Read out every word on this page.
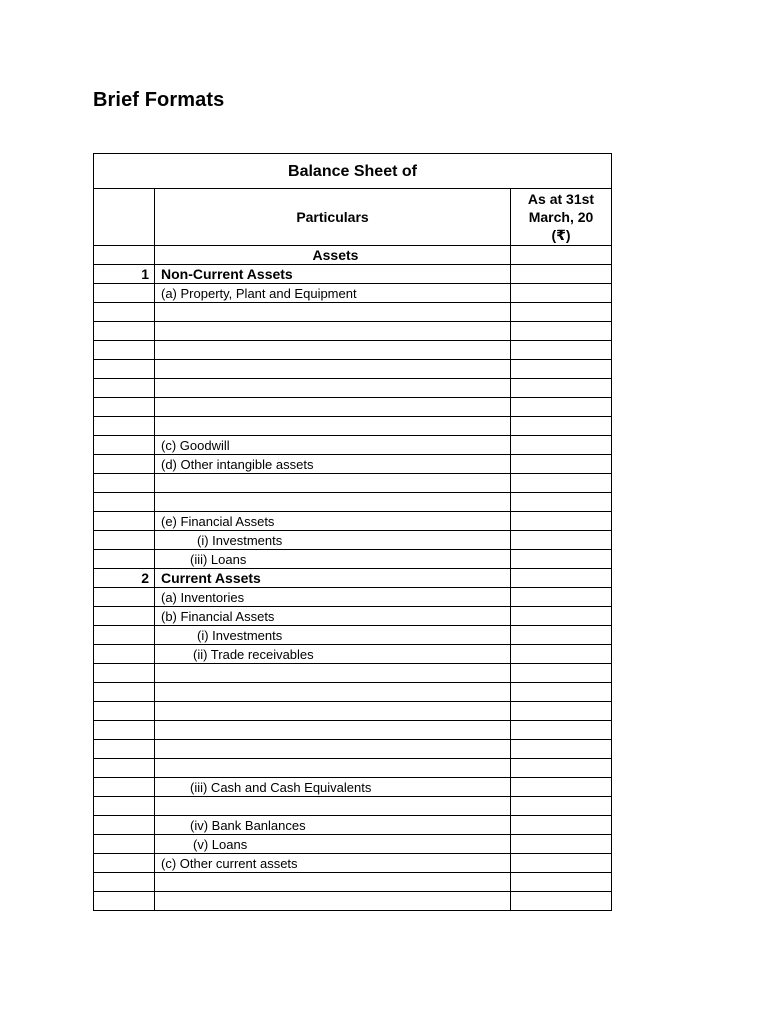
Brief Formats
Balance Sheet of		
	Particulars	As at 31st
March, 20
(₹)

	Assets	
1	Non-Current Assets	
	(a) Property, Plant and Equipment	

	(c) Goodwill	
	(d) Other intangible assets	

	(e) Financial Assets	
	(i) Investments	
	(iii) Loans	
2	Current Assets	
	(a) Inventories	
	(b) Financial Assets	
	(i) Investments	
	(ii) Trade receivables	

	(iii) Cash and Cash Equivalents	

	(iv) Bank Banlances	
	(v) Loans	
	(c) Other current assets	
